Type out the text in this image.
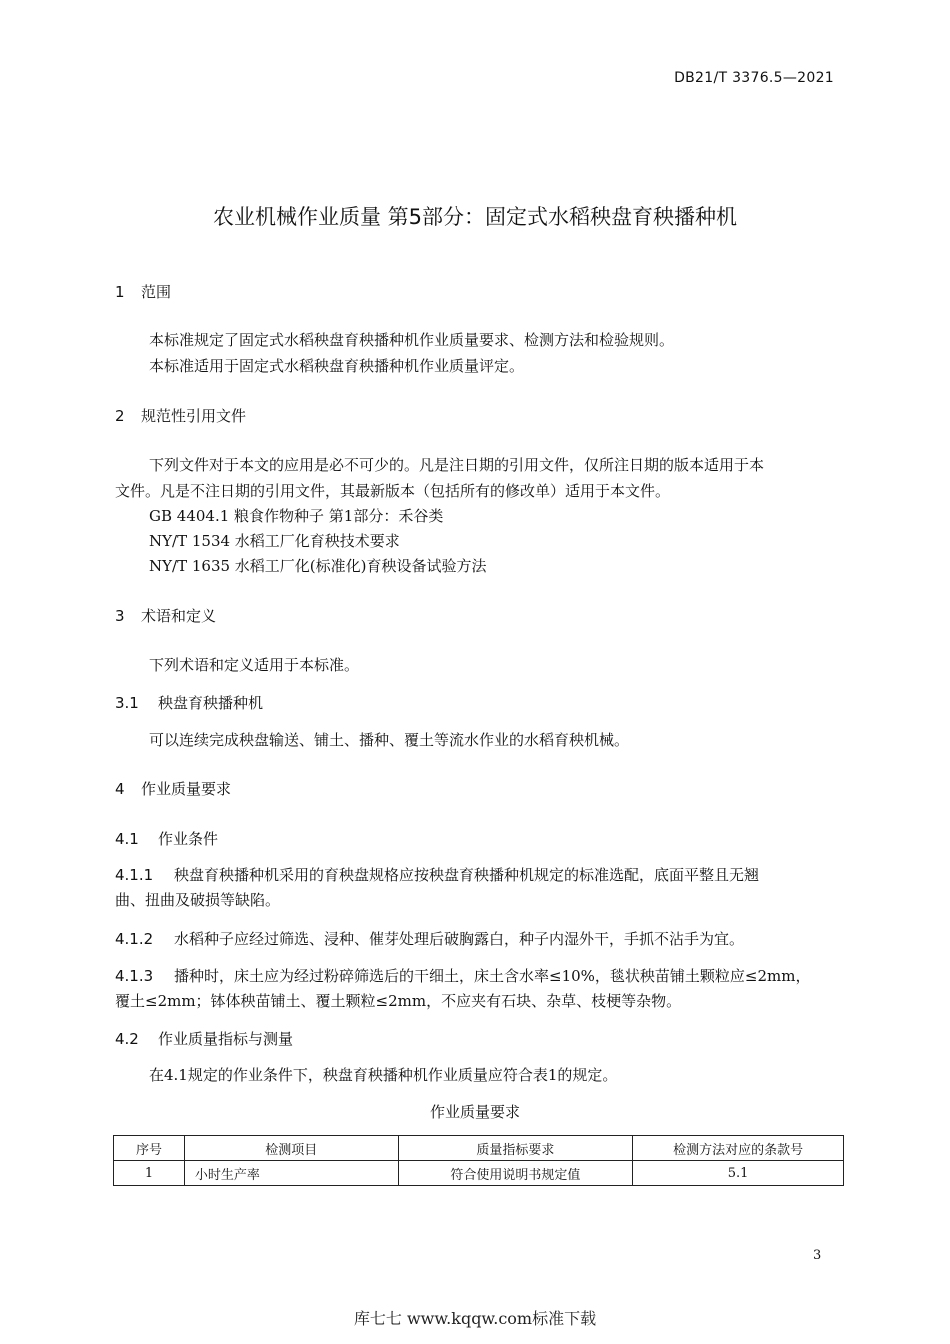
DB21/T 3376.5—2021
农业机械作业质量 第5部分：固定式水稻秧盘育秧播种机
1 范围
本标准规定了固定式水稻秧盘育秧播种机作业质量要求、检测方法和检验规则。
本标准适用于固定式水稻秧盘育秧播种机作业质量评定。
2 规范性引用文件
下列文件对于本文的应用是必不可少的。凡是注日期的引用文件，仅所注日期的版本适用于本
文件。凡是不注日期的引用文件，其最新版本（包括所有的修改单）适用于本文件。
GB 4404.1 粮食作物种子 第1部分：禾谷类
NY/T 1534 水稻工厂化育秧技术要求
NY/T 1635 水稻工厂化(标准化)育秧设备试验方法
3 术语和定义
下列术语和定义适用于本标准。
3.1 秧盘育秧播种机
可以连续完成秧盘输送、铺土、播种、覆土等流水作业的水稻育秧机械。
4 作业质量要求
4.1 作业条件
4.1.1 秧盘育秧播种机采用的育秧盘规格应按秧盘育秧播种机规定的标准选配，底面平整且无翘
曲、扭曲及破损等缺陷。
4.1.2 水稻种子应经过筛选、浸种、催芽处理后破胸露白，种子内湿外干，手抓不沾手为宜。
4.1.3 播种时，床土应为经过粉碎筛选后的干细土，床土含水率≤10%，毯状秧苗铺土颗粒应≤2mm，
覆土≤2mm；钵体秧苗铺土、覆土颗粒≤2mm，不应夹有石块、杂草、枝梗等杂物。
4.2 作业质量指标与测量
在4.1规定的作业条件下，秧盘育秧播种机作业质量应符合表1的规定。
作业质量要求
序号	检测项目	质量指标要求	检测方法对应的条款号
1	小时生产率	符合使用说明书规定值	5.1
3
库七七 www.kqqw.com标准下载
